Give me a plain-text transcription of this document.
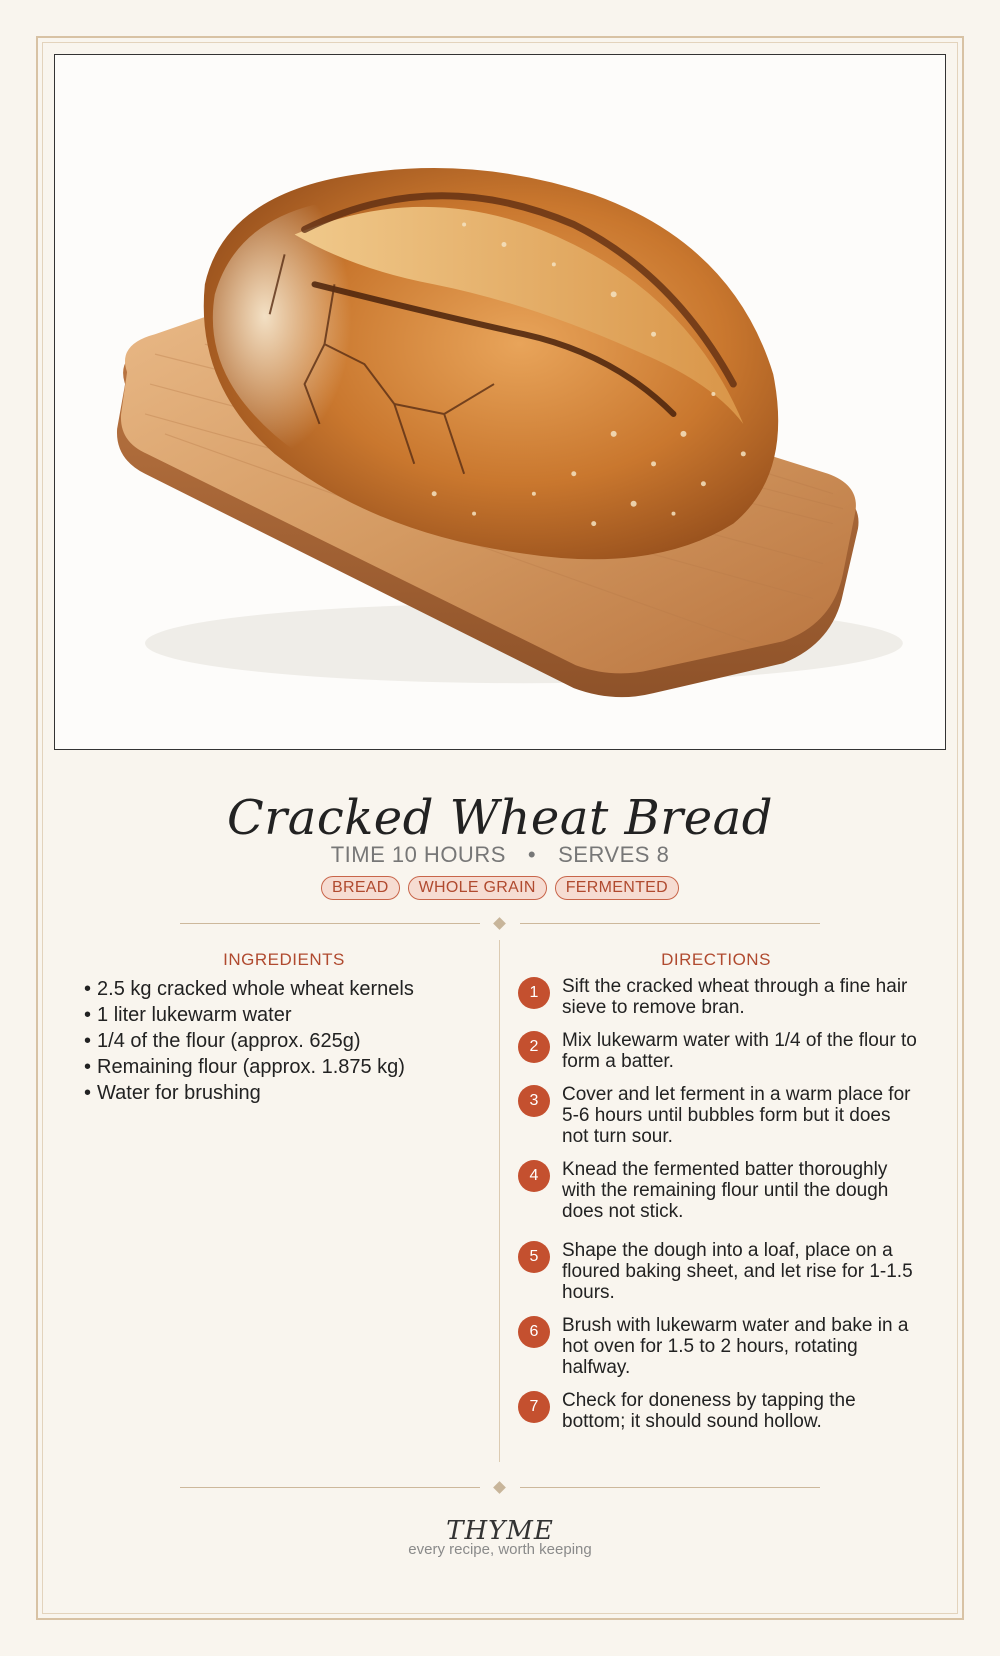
Cracked Wheat Bread
TIME 10 HOURS • SERVES 8
BREAD WHOLE GRAIN FERMENTED
INGREDIENTS
• 2.5 kg cracked whole wheat kernels
• 1 liter lukewarm water
• 1/4 of the flour (approx. 625g)
• Remaining flour (approx. 1.875 kg)
• Water for brushing
DIRECTIONS
1	Sift the cracked wheat through a fine hair sieve to remove bran.
2	Mix lukewarm water with 1/4 of the flour to form a batter.
3	Cover and let ferment in a warm place for 5-6 hours until bubbles form but it does not turn sour.
4	Knead the fermented batter thoroughly with the remaining flour until the dough does not stick.
5	Shape the dough into a loaf, place on a floured baking sheet, and let rise for 1-1.5 hours.
6	Brush with lukewarm water and bake in a hot oven for 1.5 to 2 hours, rotating halfway.
7	Check for doneness by tapping the bottom; it should sound hollow.
THYME
every recipe, worth keeping
